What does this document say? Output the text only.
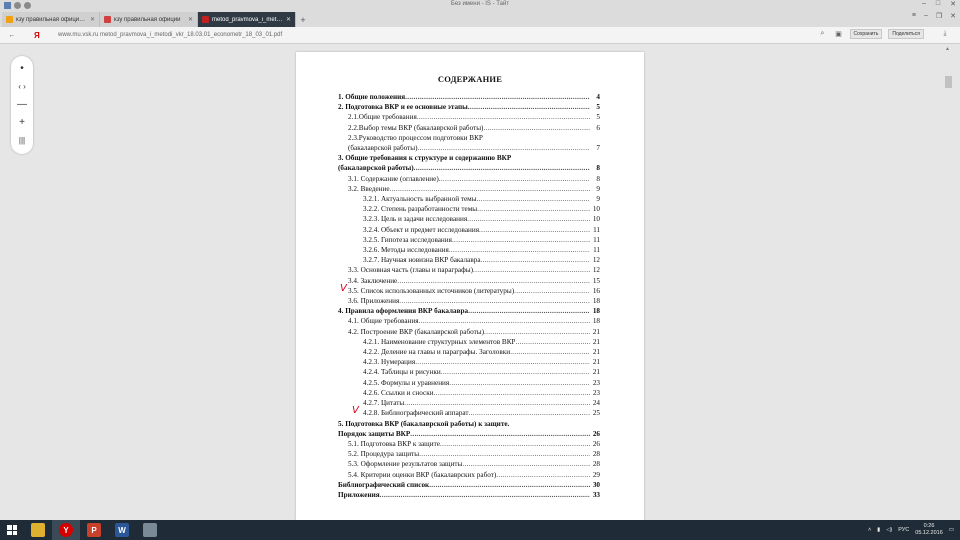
Без имени - IS - Тайт	– □ ✕
кзу правильная официи...	✕	кзу правильная официи	✕	metod_pravmova_i_metod	✕	+	≡ – ❐ ✕
←	Я	www.mu.vsk.ru metod_pravmova_i_metodi_vkr_18.03.01_econometr_18_03_01.pdf	⌕	▣	Сохранить	Поделиться	⤓
•
‹ ›
—
+
|||
СОДЕРЖАНИЕ
1. Общие положения .....	4
2. Подготовка ВКР и ее основные этапы .....	5
2.1.Общие требования .....	5
2.2.Выбор темы ВКР (бакалаврской работы) .....	6
2.3.Руководство процессом подготовки ВКР
(бакалаврской работы) .....	7
3. Общие требования к структуре и содержанию ВКР
(бакалаврской работы) .....	8
3.1. Содержание (оглавление) .....	8
3.2. Введение .....	9
3.2.1. Актуальность выбранной темы .....	9
3.2.2. Степень разработанности темы .....	10
3.2.3. Цель и задачи исследования .....	10
3.2.4. Объект и предмет исследования .....	11
3.2.5. Гипотеза исследования .....	11
3.2.6. Методы исследования .....	11
3.2.7. Научная новизна ВКР бакалавра .....	12
3.3. Основная часть (главы и параграфы) .....	12
3.4. Заключение .....	15
V 3.5. Список использованных источников (литературы) .....	16
3.6. Приложения .....	18
4. Правила оформления ВКР бакалавра .....	18
4.1. Общие требования .....	18
4.2. Построение ВКР (бакалаврской работы) .....	21
4.2.1. Наименование структурных элементов ВКР .....	21
4.2.2. Деление на главы и параграфы. Заголовки .....	21
4.2.3. Нумерация .....	21
4.2.4. Таблицы и рисунки .....	21
4.2.5. Формулы и уравнения .....	23
4.2.6. Ссылки и сноски .....	23
4.2.7. Цитаты .....	24
V 4.2.8. Библиографический аппарат .....	25
5. Подготовка ВКР (бакалаврской работы) к защите.
Порядок защиты ВКР .....	26
5.1. Подготовка ВКР к защите .....	26
5.2. Процедура защиты .....	28
5.3. Оформление результатов защиты .....	28
5.4. Критерии оценки ВКР (бакалаврских работ) .....	29
Библиографический список .....	30
Приложения .....	33
▲
Y	P	W	˄ ▮ ◁) РУС
0:26
05.12.2016 ▭
